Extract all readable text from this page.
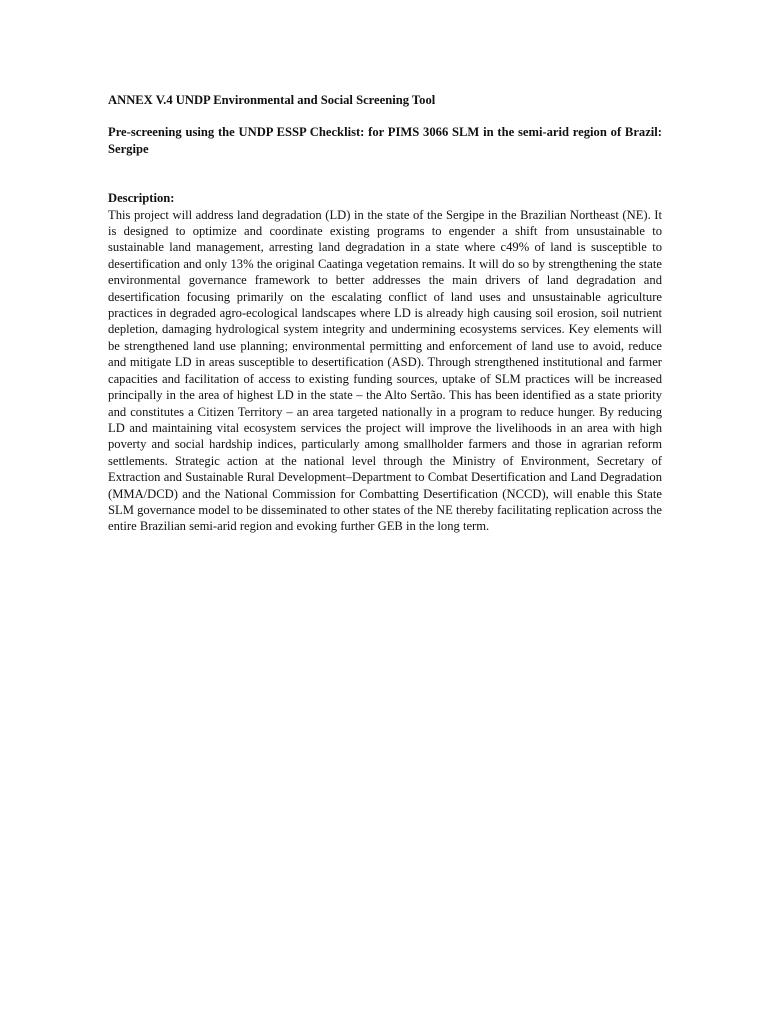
ANNEX V.4 UNDP Environmental and Social Screening Tool

Pre-screening using the UNDP ESSP Checklist: for PIMS 3066 SLM in the semi-arid region of Brazil: Sergipe

Description:

This project will address land degradation (LD) in the state of the Sergipe in the Brazilian Northeast (NE). It is designed to optimize and coordinate existing programs to engender a shift from unsustainable to sustainable land management, arresting land degradation in a state where c49% of land is susceptible to desertification and only 13% the original Caatinga vegetation remains. It will do so by strengthening the state environmental governance framework to better addresses the main drivers of land degradation and desertification focusing primarily on the escalating conflict of land uses and unsustainable agriculture practices in degraded agro-ecological landscapes where LD is already high causing soil erosion, soil nutrient depletion, damaging hydrological system integrity and undermining ecosystems services. Key elements will be strengthened land use planning; environmental permitting and enforcement of land use to avoid, reduce and mitigate LD in areas susceptible to desertification (ASD). Through strengthened institutional and farmer capacities and facilitation of access to existing funding sources, uptake of SLM practices will be increased principally in the area of highest LD in the state – the Alto Sertão. This has been identified as a state priority and constitutes a Citizen Territory – an area targeted nationally in a program to reduce hunger. By reducing LD and maintaining vital ecosystem services the project will improve the livelihoods in an area with high poverty and social hardship indices, particularly among smallholder farmers and those in agrarian reform settlements. Strategic action at the national level through the Ministry of Environment, Secretary of Extraction and Sustainable Rural Development–Department to Combat Desertification and Land Degradation (MMA/DCD) and the National Commission for Combatting Desertification (NCCD), will enable this State SLM governance model to be disseminated to other states of the NE thereby facilitating replication across the entire Brazilian semi-arid region and evoking further GEB in the long term.
